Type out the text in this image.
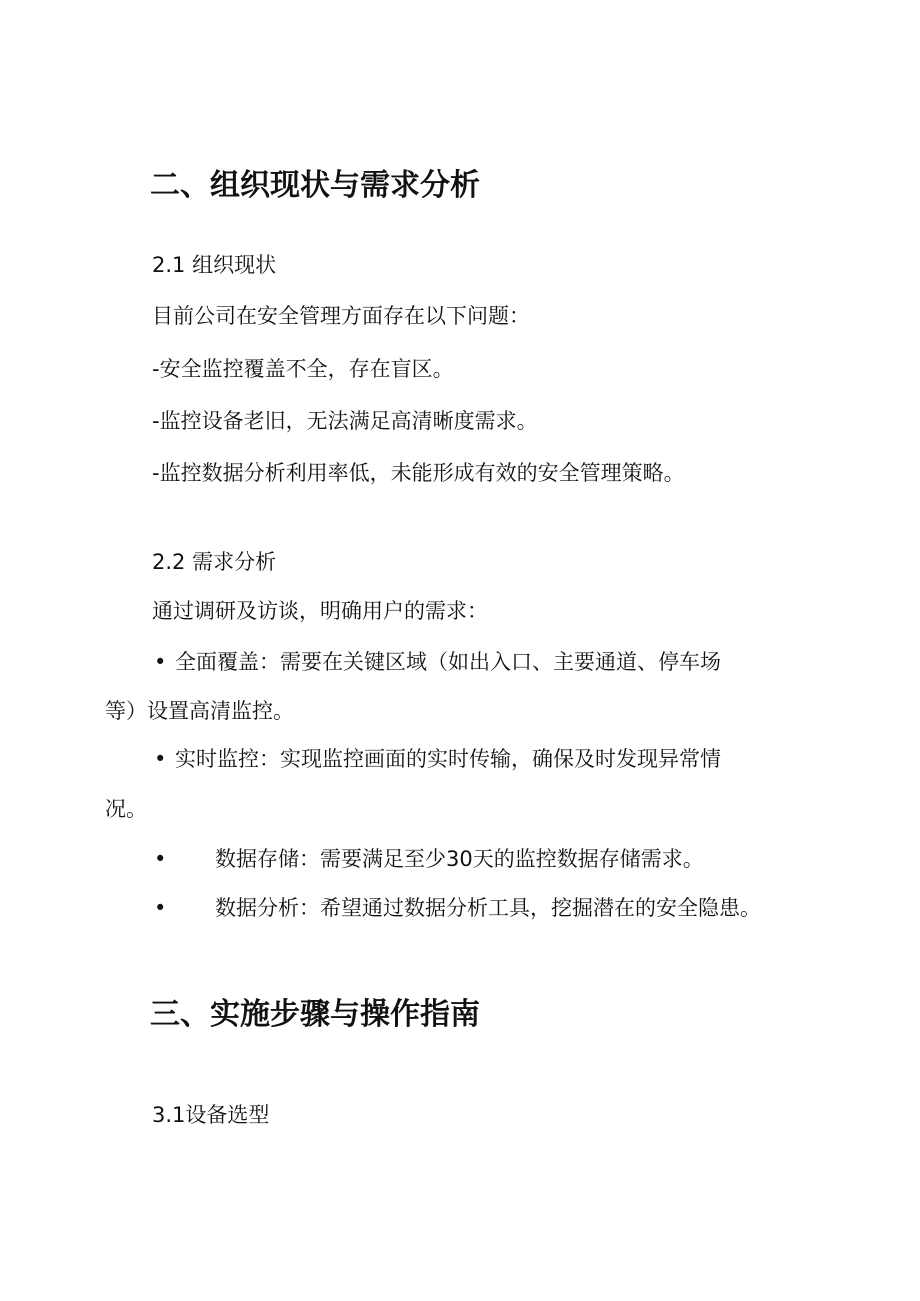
二、组织现状与需求分析
2.1 组织现状
目前公司在安全管理方面存在以下问题：
-安全监控覆盖不全，存在盲区。
-监控设备老旧，无法满足高清晰度需求。
-监控数据分析利用率低，未能形成有效的安全管理策略。
2.2 需求分析
通过调研及访谈，明确用户的需求：
• 全面覆盖：需要在关键区域（如出入口、主要通道、停车场
等）设置高清监控。
• 实时监控：实现监控画面的实时传输，确保及时发现异常情
况。
• 数据存储：需要满足至少30天的监控数据存储需求。
• 数据分析：希望通过数据分析工具，挖掘潜在的安全隐患。
三、实施步骤与操作指南
3.1设备选型
